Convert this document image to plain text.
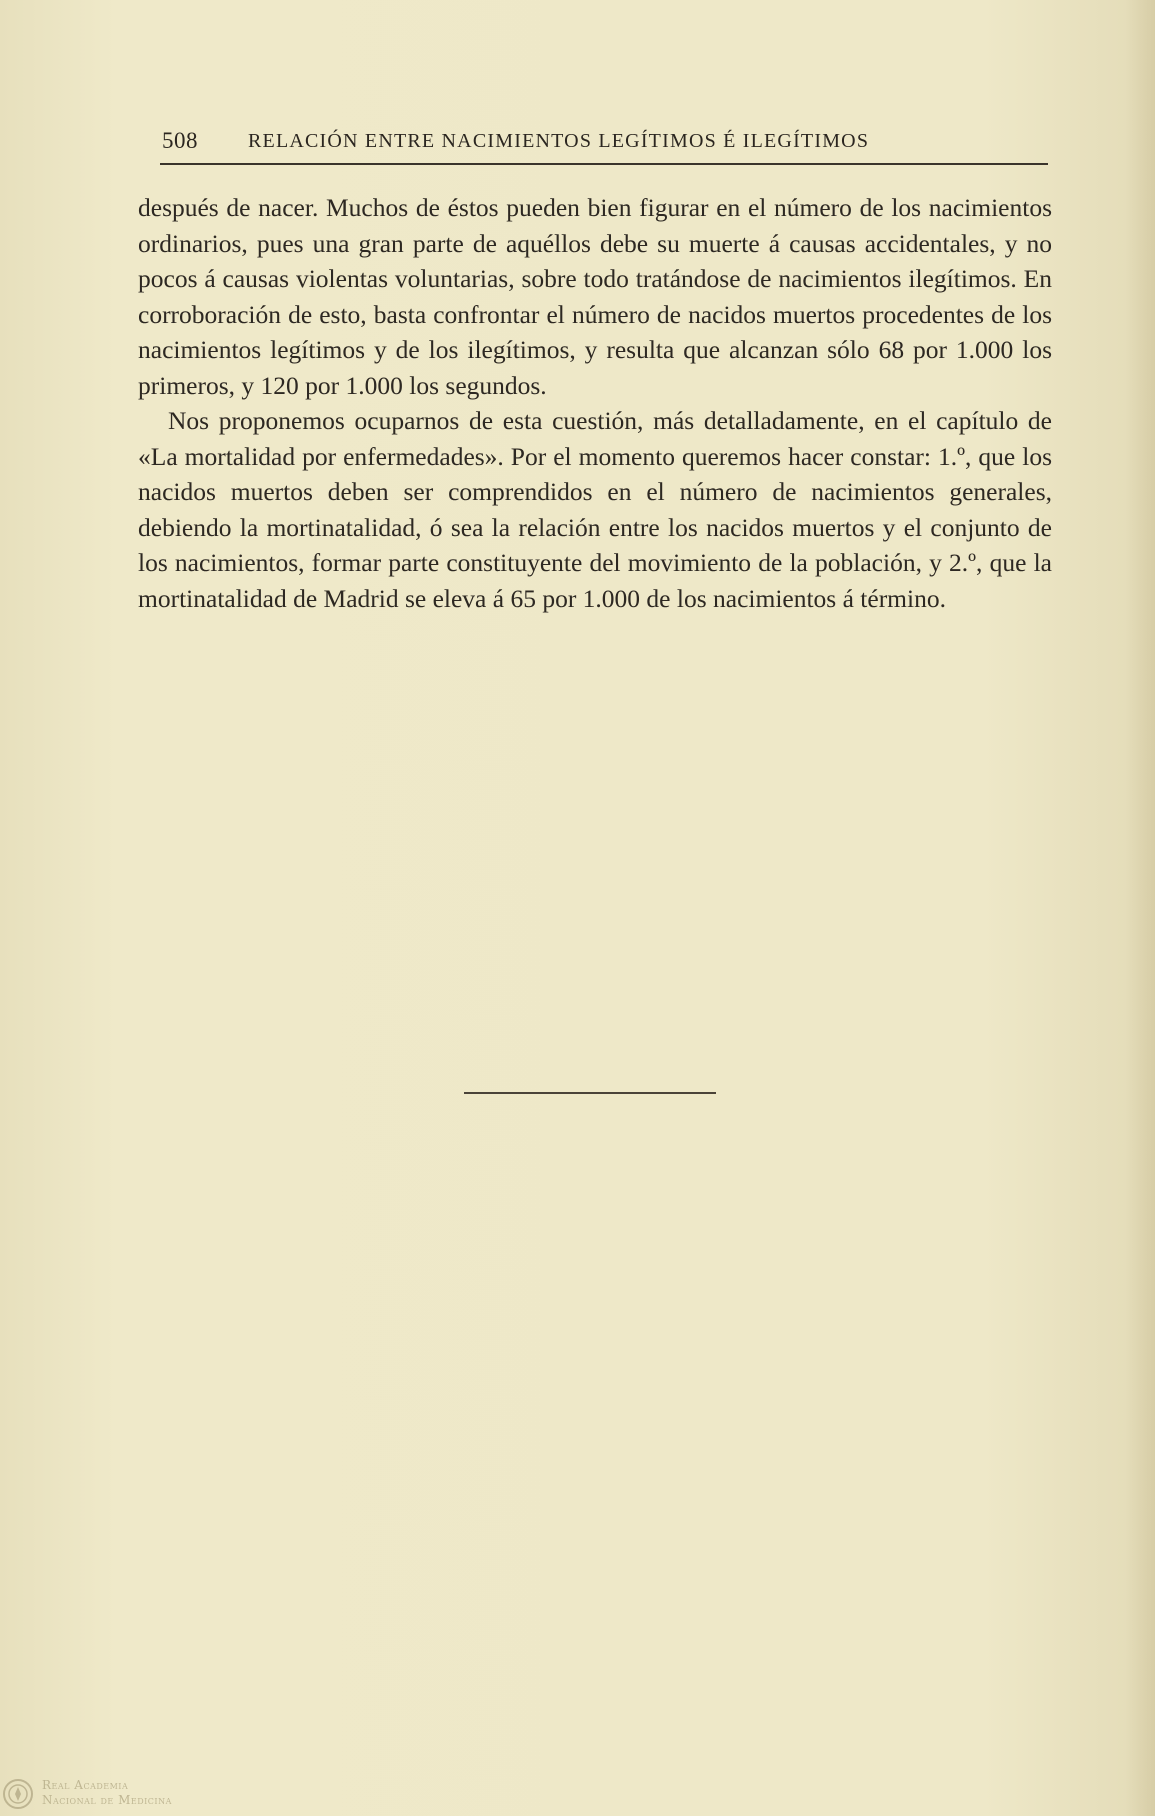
508	RELACIÓN ENTRE NACIMIENTOS LEGÍTIMOS É ILEGÍTIMOS

después de nacer. Muchos de éstos pueden bien figurar en el número de los nacimientos ordinarios, pues una gran parte de aquéllos debe su muerte á causas accidentales, y no pocos á causas violentas voluntarias, sobre todo tratándose de nacimientos ilegítimos. En corroboración de esto, basta confrontar el número de nacidos muertos procedentes de los nacimientos legítimos y de los ilegítimos, y resulta que alcanzan sólo 68 por 1.000 los primeros, y 120 por 1.000 los segundos.

Nos proponemos ocuparnos de esta cuestión, más detalladamente, en el capítulo de «La mortalidad por enfermedades». Por el momento queremos hacer constar: 1.º, que los nacidos muertos deben ser comprendidos en el número de nacimientos generales, debiendo la mortinatalidad, ó sea la relación entre los nacidos muertos y el conjunto de los nacimientos, formar parte constituyente del movimiento de la población, y 2.º, que la mortinatalidad de Madrid se eleva á 65 por 1.000 de los nacimientos á término.

Real Academia
Nacional de Medicina
